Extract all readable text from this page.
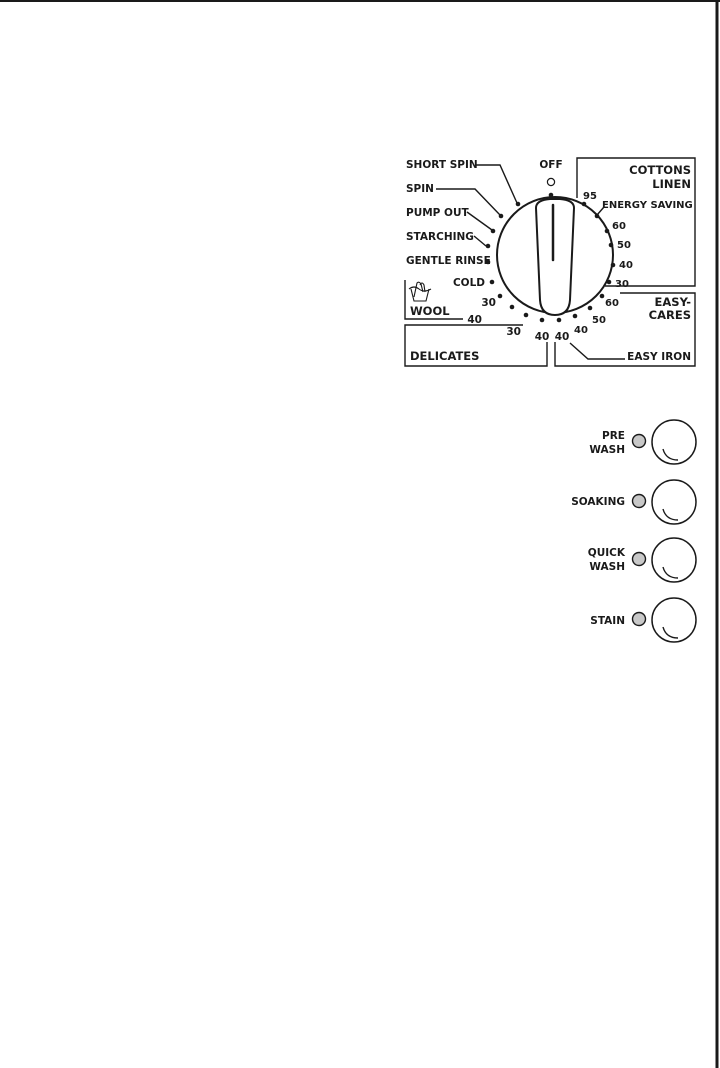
OFF
SHORT SPIN
SPIN
PUMP OUT
STARCHING
GENTLE RINSE
COLD
WOOL
30
40
30 40
DELICATES
COTTONS
LINEN
95
ENERGY SAVING
60
50
40
30
EASY-
CARES
60
50
40
40
EASY IRON
PRE
WASH
SOAKING
QUICK
WASH
STAIN
